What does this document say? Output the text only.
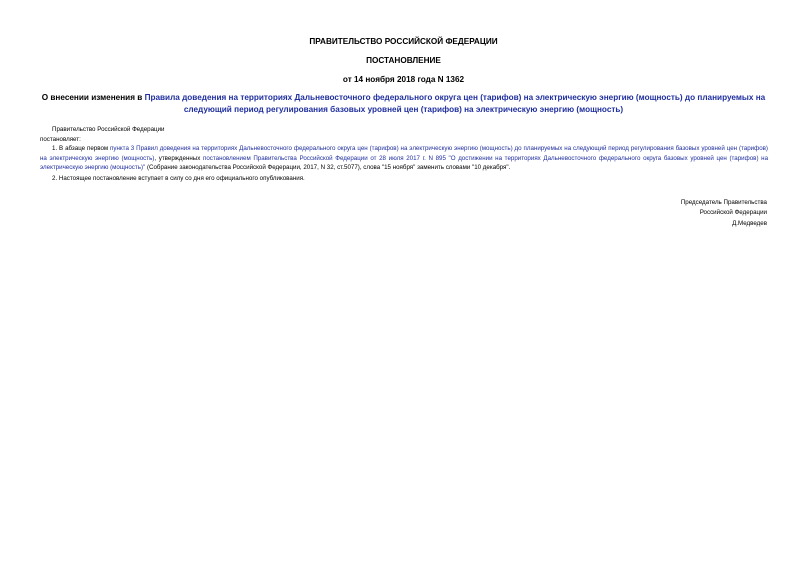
ПРАВИТЕЛЬСТВО РОССИЙСКОЙ ФЕДЕРАЦИИ
ПОСТАНОВЛЕНИЕ
от 14 ноября 2018 года N 1362
О внесении изменения в Правила доведения на территориях Дальневосточного федерального округа цен (тарифов) на электрическую энергию (мощность) до планируемых на следующий период регулирования базовых уровней цен (тарифов) на электрическую энергию (мощность)
Правительство Российской Федерации
постановляет:
1. В абзаце первом пункта 3 Правил доведения на территориях Дальневосточного федерального округа цен (тарифов) на электрическую энергию (мощность) до планируемых на следующий период регулирования базовых уровней цен (тарифов) на электрическую энергию (мощность), утвержденных постановлением Правительства Российской Федерации от 28 июля 2017 г. N 895 "О достижении на территориях Дальневосточного федерального округа базовых уровней цен (тарифов) на электрическую энергию (мощность)" (Собрание законодательства Российской Федерации, 2017, N 32, ст.5077), слова "15 ноября" заменить словами "10 декабря".
2. Настоящее постановление вступает в силу со дня его официального опубликования.
Председатель Правительства
Российской Федерации
Д.Медведев
